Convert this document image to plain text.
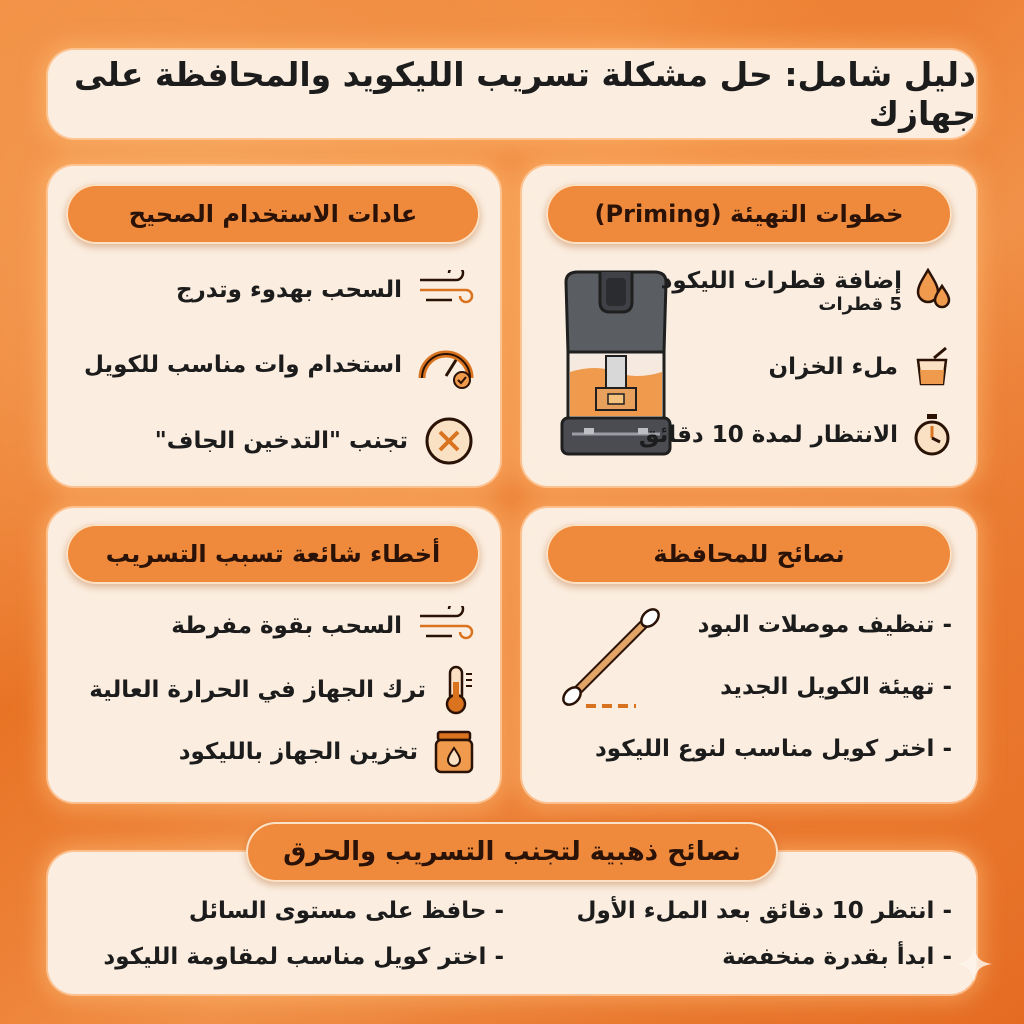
دليل شامل: حل مشكلة تسريب الليكويد والمحافظة على جهازك
خطوات التهيئة (Priming)
إضافة قطرات الليكود
5 قطرات
ملء الخزان
الانتظار لمدة 10 دقائق
عادات الاستخدام الصحيح
السحب بهدوء وتدرج
استخدام وات مناسب للكويل
تجنب "التدخين الجاف"
نصائح للمحافظة
- تنظيف موصلات البود
- تهيئة الكويل الجديد
- اختر كويل مناسب لنوع الليكود
أخطاء شائعة تسبب التسريب
السحب بقوة مفرطة
ترك الجهاز في الحرارة العالية
تخزين الجهاز بالليكود
نصائح ذهبية لتجنب التسريب والحرق
- انتظر 10 دقائق بعد الملء الأول
- ابدأ بقدرة منخفضة
- حافظ على مستوى السائل
- اختر كويل مناسب لمقاومة الليكود
